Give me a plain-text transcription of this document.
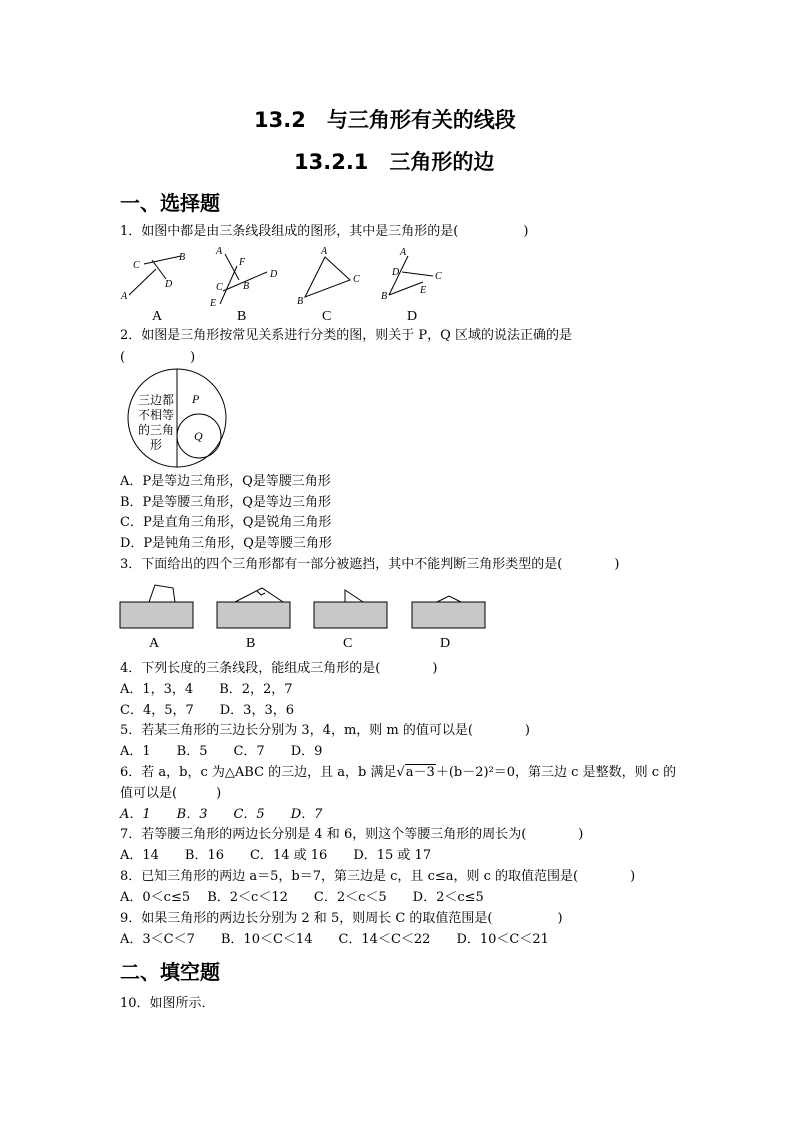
13.2　与三角形有关的线段
13.2.1　三角形的边
一、选择题
1．如图中都是由三条线段组成的图形，其中是三角形的是(　　　　　)
C
B
D
A
A
A
F
D
C B
E
B
A
C
B
C
A
D	C
E
B
D
2．如图是三角形按常见关系进行分类的图，则关于 P，Q 区域的说法正确的是
(　　　　　)
三边都
不相等
的三角
形
P
Q
A．P是等边三角形，Q是等腰三角形
B．P是等腰三角形，Q是等边三角形
C．P是直角三角形，Q是锐角三角形
D．P是钝角三角形，Q是等腰三角形
3．下面给出的四个三角形都有一部分被遮挡，其中不能判断三角形类型的是(　　　　)
A	B	C	D
4．下列长度的三条线段，能组成三角形的是(　　　　)
A．1，3，4　　B．2，2，7
C．4，5，7　　D．3，3，6
5．若某三角形的三边长分别为 3，4，m，则 m 的值可以是(　　　　)
A．1　　B．5　　C．7　　D．9
6．若 a，b，c 为△ABC 的三边，且 a，b 满足√a－3＋(b－2)²＝0，第三边 c 是整数，则 c 的
值可以是(　　　)
A．1　　B．3　　C．5　　D．7
7．若等腰三角形的两边长分别是 4 和 6，则这个等腰三角形的周长为(　　　　)
A．14　　B．16　　C．14 或 16　　D．15 或 17
8．已知三角形的两边 a＝5，b＝7，第三边是 c，且 c≤a，则 c 的取值范围是(　　　　)
A．0＜c≤5　 B．2＜c＜12　　C．2＜c＜5　　D．2＜c≤5
9．如果三角形的两边长分别为 2 和 5，则周长 C 的取值范围是(　　　　　)
A．3＜C＜7　　B．10＜C＜14　　C．14＜C＜22　　D．10＜C＜21
二、填空题
10．如图所示．
